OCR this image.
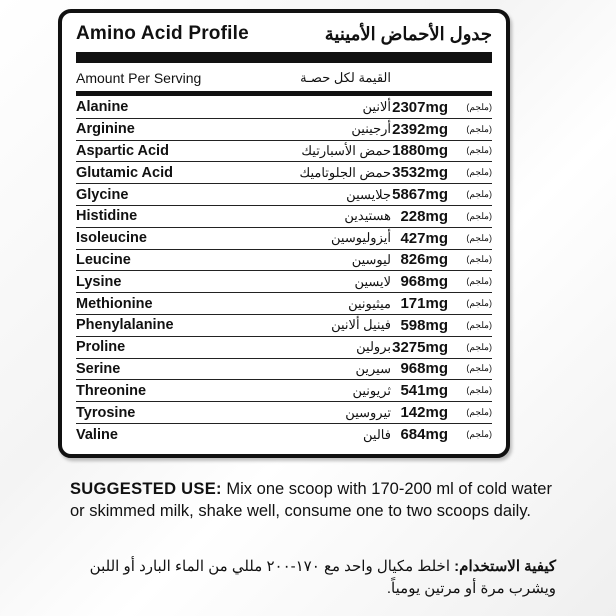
Amino Acid Profile	جدول الأحماض الأمينية
Amount Per Serving	القيمة لكل حصـة
Alanine	ألانين 2307mg (ملجم)
Arginine	أرجينين 2392mg (ملجم)
Aspartic Acid	حمض الأسبارتيك 1880mg (ملجم)
Glutamic Acid	حمض الجلوتاميك 3532mg (ملجم)
Glycine	جلايسين 5867mg (ملجم)
Histidine	هستيدين 228mg (ملجم)
Isoleucine	أيزوليوسين 427mg (ملجم)
Leucine	ليوسين 826mg (ملجم)
Lysine	لايسين 968mg (ملجم)
Methionine	ميثيونين 171mg (ملجم)
Phenylalanine	فينيل ألانين 598mg (ملجم)
Proline	برولين 3275mg (ملجم)
Serine	سيرين 968mg (ملجم)
Threonine	ثريونين 541mg (ملجم)
Tyrosine	تيروسين 142mg (ملجم)
Valine	فالين 684mg (ملجم)
SUGGESTED USE: Mix one scoop with 170-200 ml of cold water or skimmed milk, shake well, consume one to two scoops daily.
كيفية الاستخدام: اخلط مكيال واحد مع ١٧٠-٢٠٠ مللي من الماء البارد أو اللبن ويشرب مرة أو مرتين يومياً.
